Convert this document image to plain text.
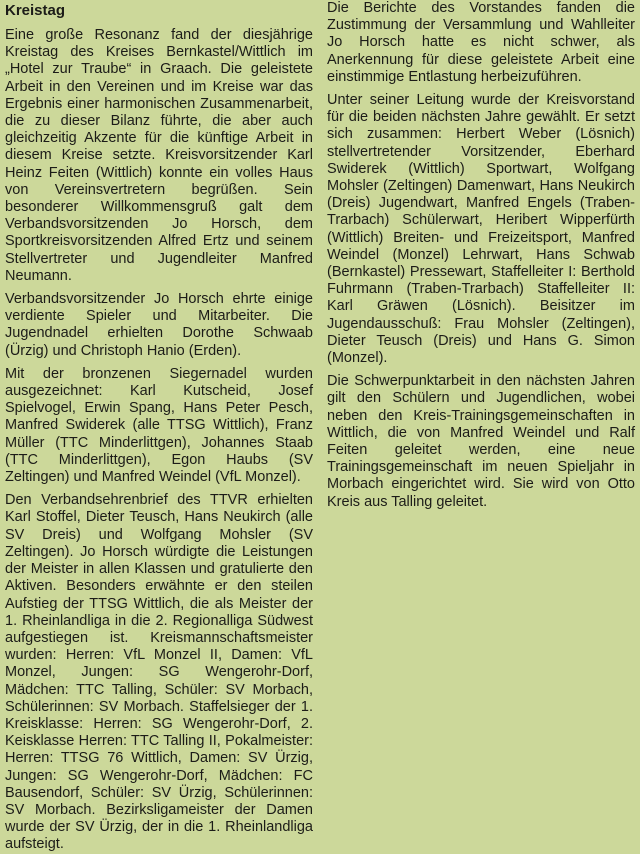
Kreistag

Eine große Resonanz fand der diesjährige Kreistag des Kreises Bernkastel/Wittlich im „Hotel zur Traube“ in Graach. Die geleistete Arbeit in den Vereinen und im Kreise war das Ergebnis einer harmonischen Zusammenarbeit, die zu dieser Bilanz führte, die aber auch gleichzeitig Akzente für die künftige Arbeit in diesem Kreise setzte. Kreisvorsitzender Karl Heinz Feiten (Wittlich) konnte ein volles Haus von Vereinsvertretern begrüßen. Sein besonderer Willkommensgruß galt dem Verbandsvorsitzenden Jo Horsch, dem Sportkreisvorsitzenden Alfred Ertz und seinem Stellvertreter und Jugendleiter Manfred Neumann.

Verbandsvorsitzender Jo Horsch ehrte einige verdiente Spieler und Mitarbeiter. Die Jugendnadel erhielten Dorothe Schwaab (Ürzig) und Christoph Hanio (Erden).

Mit der bronzenen Siegernadel wurden ausgezeichnet: Karl Kutscheid, Josef Spielvogel, Erwin Spang, Hans Peter Pesch, Manfred Swiderek (alle TTSG Wittlich), Franz Müller (TTC Minderlittgen), Johannes Staab (TTC Minderlittgen), Egon Haubs (SV Zeltingen) und Manfred Weindel (VfL Monzel).

Den Verbandsehrenbrief des TTVR erhielten Karl Stoffel, Dieter Teusch, Hans Neukirch (alle SV Dreis) und Wolfgang Mohsler (SV Zeltingen). Jo Horsch würdigte die Leistungen der Meister in allen Klassen und gratulierte den Aktiven. Besonders erwähnte er den steilen Aufstieg der TTSG Wittlich, die als Meister der 1. Rheinlandliga in die 2. Regionalliga Südwest aufgestiegen ist. Kreismannschaftsmeister wurden: Herren: VfL Monzel II, Damen: VfL Monzel, Jungen: SG Wengerohr-Dorf, Mädchen: TTC Talling, Schüler: SV Morbach, Schülerinnen: SV Morbach. Staffelsieger der 1. Kreisklasse: Herren: SG Wengerohr-Dorf, 2. Keisklasse Herren: TTC Talling II, Pokalmeister: Herren: TTSG 76 Wittlich, Damen: SV Ürzig, Jungen: SG Wengerohr-Dorf, Mädchen: FC Bausendorf, Schüler: SV Ürzig, Schülerinnen: SV Morbach. Bezirksligameister der Damen wurde der SV Ürzig, der in die 1. Rheinlandliga aufsteigt.

Die Berichte des Vorstandes fanden die Zustimmung der Versammlung und Wahlleiter Jo Horsch hatte es nicht schwer, als Anerkennung für diese geleistete Arbeit eine einstimmige Entlastung herbeizuführen.

Unter seiner Leitung wurde der Kreisvorstand für die beiden nächsten Jahre gewählt. Er setzt sich zusammen: Herbert Weber (Lösnich) stellvertretender Vorsitzender, Eberhard Swiderek (Wittlich) Sportwart, Wolfgang Mohsler (Zeltingen) Damenwart, Hans Neukirch (Dreis) Jugendwart, Manfred Engels (Traben-Trarbach) Schülerwart, Heribert Wipperfürth (Wittlich) Breiten- und Freizeitsport, Manfred Weindel (Monzel) Lehrwart, Hans Schwab (Bernkastel) Pressewart, Staffelleiter I: Berthold Fuhrmann (Traben-Trarbach) Staffelleiter II: Karl Gräwen (Lösnich). Beisitzer im Jugendausschuß: Frau Mohsler (Zeltingen), Dieter Teusch (Dreis) und Hans G. Simon (Monzel).

Die Schwerpunktarbeit in den nächsten Jahren gilt den Schülern und Jugendlichen, wobei neben den Kreis-Trainingsgemeinschaften in Wittlich, die von Manfred Weindel und Ralf Feiten geleitet werden, eine neue Trainingsgemeinschaft im neuen Spieljahr in Morbach eingerichtet wird. Sie wird von Otto Kreis aus Talling geleitet.
